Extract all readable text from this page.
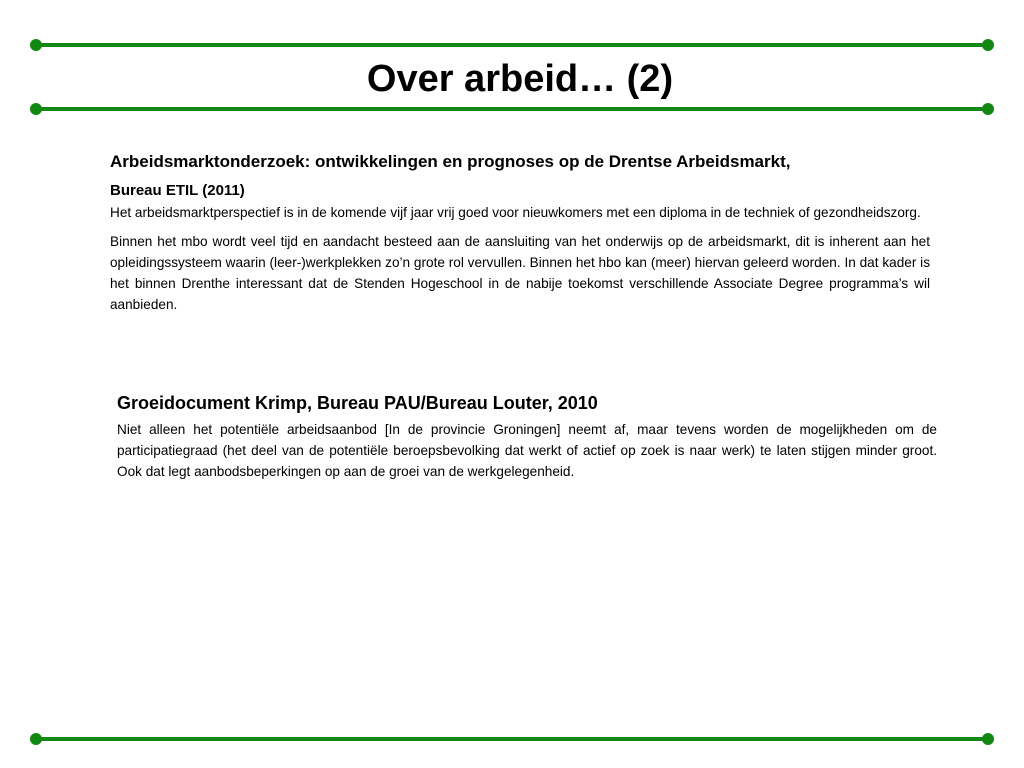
Over arbeid… (2)

Arbeidsmarktonderzoek: ontwikkelingen en prognoses op de Drentse Arbeidsmarkt,

Bureau ETIL (2011)

Het arbeidsmarktperspectief is in de komende vijf jaar vrij goed voor nieuwkomers met een diploma in de techniek of gezondheidszorg.

Binnen het mbo wordt veel tijd en aandacht besteed aan de aansluiting van het onderwijs op de arbeidsmarkt, dit is inherent aan het opleidingssysteem waarin (leer-)werkplekken zo’n grote rol vervullen. Binnen het hbo kan (meer) hiervan geleerd worden. In dat kader is het binnen Drenthe interessant dat de Stenden Hogeschool in de nabije toekomst verschillende Associate Degree programma’s wil aanbieden.

Groeidocument Krimp, Bureau PAU/Bureau Louter, 2010

Niet alleen het potentiële arbeidsaanbod [In de provincie Groningen] neemt af, maar tevens worden de mogelijkheden om de participatiegraad (het deel van de potentiële beroepsbevolking dat werkt of actief op zoek is naar werk) te laten stijgen minder groot. Ook dat legt aanbodsbeperkingen op aan de groei van de werkgelegenheid.
